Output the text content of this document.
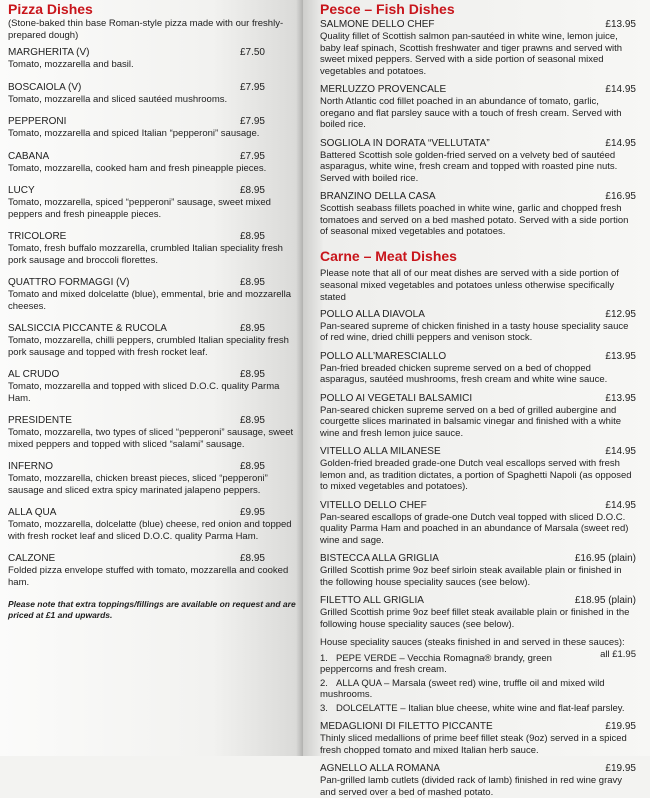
Pizza Dishes
(Stone-baked thin base Roman-style pizza made with our freshly-prepared dough)
MARGHERITA (V)	£7.50
Tomato, mozzarella and basil.
BOSCAIOLA (V)	£7.95
Tomato, mozzarella and sliced sautéed mushrooms.
PEPPERONI	£7.95
Tomato, mozzarella and spiced Italian “pepperoni” sausage.
CABANA	£7.95
Tomato, mozzarella, cooked ham and fresh pineapple pieces.
LUCY	£8.95
Tomato, mozzarella, spiced “pepperoni” sausage, sweet mixed peppers and fresh pineapple pieces.
TRICOLORE	£8.95
Tomato, fresh buffalo mozzarella, crumbled Italian speciality fresh pork sausage and broccoli florettes.
QUATTRO FORMAGGI (V)	£8.95
Tomato and mixed dolcelatte (blue), emmental, brie and mozzarella cheeses.
SALSICCIA PICCANTE & RUCOLA	£8.95
Tomato, mozzarella, chilli peppers, crumbled Italian speciality fresh pork sausage and topped with fresh rocket leaf.
AL CRUDO	£8.95
Tomato, mozzarella and topped with sliced D.O.C. quality Parma Ham.
PRESIDENTE	£8.95
Tomato, mozzarella, two types of sliced “pepperoni” sausage, sweet mixed peppers and topped with sliced “salami” sausage.
INFERNO	£8.95
Tomato, mozzarella, chicken breast pieces, sliced “pepperoni” sausage and sliced extra spicy marinated jalapeno peppers.
ALLA QUA	£9.95
Tomato, mozzarella, dolcelatte (blue) cheese, red onion and topped with fresh rocket leaf and sliced D.O.C. quality Parma Ham.
CALZONE	£8.95
Folded pizza envelope stuffed with tomato, mozzarella and cooked ham.
Please note that extra toppings/fillings are available on request and are priced at £1 and upwards.
Pesce – Fish Dishes
SALMONE DELLO CHEF	£13.95
Quality fillet of Scottish salmon pan-sautéed in white wine, lemon juice, baby leaf spinach, Scottish freshwater and tiger prawns and served with sweet mixed peppers. Served with a side portion of seasonal mixed vegetables and potatoes.
MERLUZZO PROVENCALE	£14.95
North Atlantic cod fillet poached in an abundance of tomato, garlic, oregano and flat parsley sauce with a touch of fresh cream. Served with boiled rice.
SOGLIOLA IN DORATA “VELLUTATA”	£14.95
Battered Scottish sole golden-fried served on a velvety bed of sautéed asparagus, white wine, fresh cream and topped with roasted pine nuts. Served with boiled rice.
BRANZINO DELLA CASA	£16.95
Scottish seabass fillets poached in white wine, garlic and chopped fresh tomatoes and served on a bed mashed potato. Served with a side portion of seasonal mixed vegetables and potatoes.
Carne – Meat Dishes
Please note that all of our meat dishes are served with a side portion of seasonal mixed vegetables and potatoes unless otherwise specifically stated
POLLO ALLA DIAVOLA	£12.95
Pan-seared supreme of chicken finished in a tasty house speciality sauce of red wine, dried chilli peppers and venison stock.
POLLO ALL’MARESCIALLO	£13.95
Pan-fried breaded chicken supreme served on a bed of chopped asparagus, sautéed mushrooms, fresh cream and white wine sauce.
POLLO AI VEGETALI BALSAMICI	£13.95
Pan-seared chicken supreme served on a bed of grilled aubergine and courgette slices marinated in balsamic vinegar and finished with a white wine and fresh lemon juice sauce.
VITELLO ALLA MILANESE	£14.95
Golden-fried breaded grade-one Dutch veal escallops served with fresh lemon and, as tradition dictates, a portion of Spaghetti Napoli (as opposed to mixed vegetables and potatoes).
VITELLO DELLO CHEF	£14.95
Pan-seared escallops of grade-one Dutch veal topped with sliced D.O.C. quality Parma Ham and poached in an abundance of Marsala (sweet red) wine and sage.
BISTECCA ALLA GRIGLIA	£16.95 (plain)
Grilled Scottish prime 9oz beef sirloin steak available plain or finished in the following house speciality sauces (see below).
FILETTO ALL GRIGLIA	£18.95 (plain)
Grilled Scottish prime 9oz beef fillet steak available plain or finished in the following house speciality sauces (see below).
House speciality sauces (steaks finished in and served in these sauces):
all £1.95
1. PEPE VERDE – Vecchia Romagna® brandy, green peppercorns and fresh cream.
2. ALLA QUA – Marsala (sweet red) wine, truffle oil and mixed wild mushrooms.
3. DOLCELATTE – Italian blue cheese, white wine and flat-leaf parsley.
MEDAGLIONI DI FILETTO PICCANTE	£19.95
Thinly sliced medallions of prime beef fillet steak (9oz) served in a spiced fresh chopped tomato and mixed Italian herb sauce.
AGNELLO ALLA ROMANA	£19.95
Pan-grilled lamb cutlets (divided rack of lamb) finished in red wine gravy and served over a bed of mashed potato.
